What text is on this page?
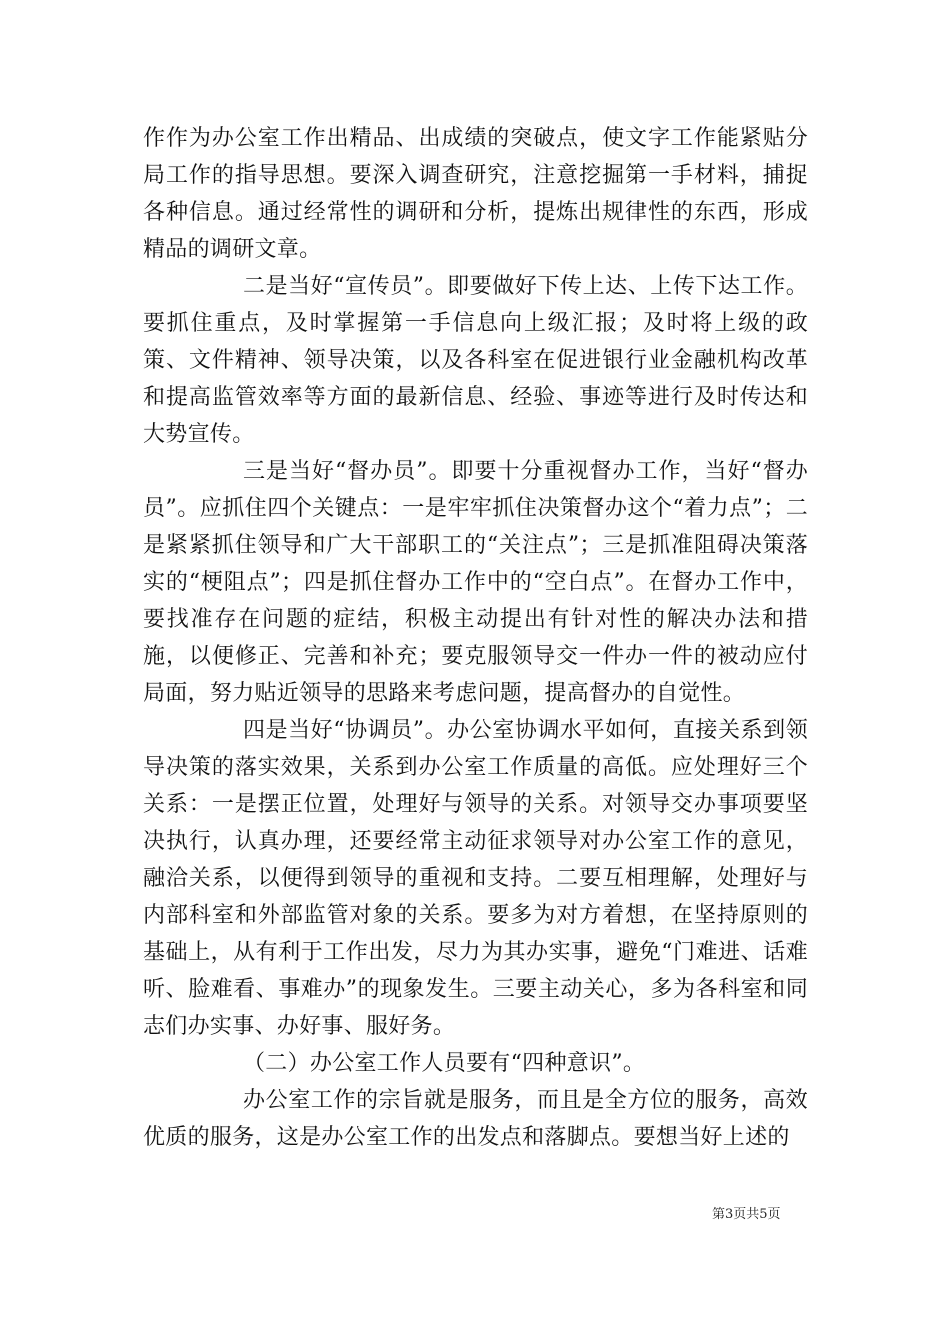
作作为办公室工作出精品、出成绩的突破点，使文字工作能紧贴分局工作的指导思想。要深入调查研究，注意挖掘第一手材料，捕捉各种信息。通过经常性的调研和分析，提炼出规律性的东西，形成精品的调研文章。

二是当好“宣传员”。即要做好下传上达、上传下达工作。要抓住重点，及时掌握第一手信息向上级汇报；及时将上级的政策、文件精神、领导决策，以及各科室在促进银行业金融机构改革和提高监管效率等方面的最新信息、经验、事迹等进行及时传达和大势宣传。

三是当好“督办员”。即要十分重视督办工作，当好“督办员”。应抓住四个关键点：一是牢牢抓住决策督办这个“着力点”；二是紧紧抓住领导和广大干部职工的“关注点”；三是抓准阻碍决策落实的“梗阻点”；四是抓住督办工作中的“空白点”。在督办工作中，要找准存在问题的症结，积极主动提出有针对性的解决办法和措施，以便修正、完善和补充；要克服领导交一件办一件的被动应付局面，努力贴近领导的思路来考虑问题，提高督办的自觉性。

四是当好“协调员”。办公室协调水平如何，直接关系到领导决策的落实效果，关系到办公室工作质量的高低。应处理好三个关系：一是摆正位置，处理好与领导的关系。对领导交办事项要坚决执行，认真办理，还要经常主动征求领导对办公室工作的意见，融洽关系，以便得到领导的重视和支持。二要互相理解，处理好与内部科室和外部监管对象的关系。要多为对方着想，在坚持原则的基础上，从有利于工作出发，尽力为其办实事，避免“门难进、话难听、脸难看、事难办”的现象发生。三要主动关心，多为各科室和同志们办实事、办好事、服好务。

（二）办公室工作人员要有“四种意识”。

办公室工作的宗旨就是服务，而且是全方位的服务，高效优质的服务，这是办公室工作的出发点和落脚点。要想当好上述的

第3页共5页
